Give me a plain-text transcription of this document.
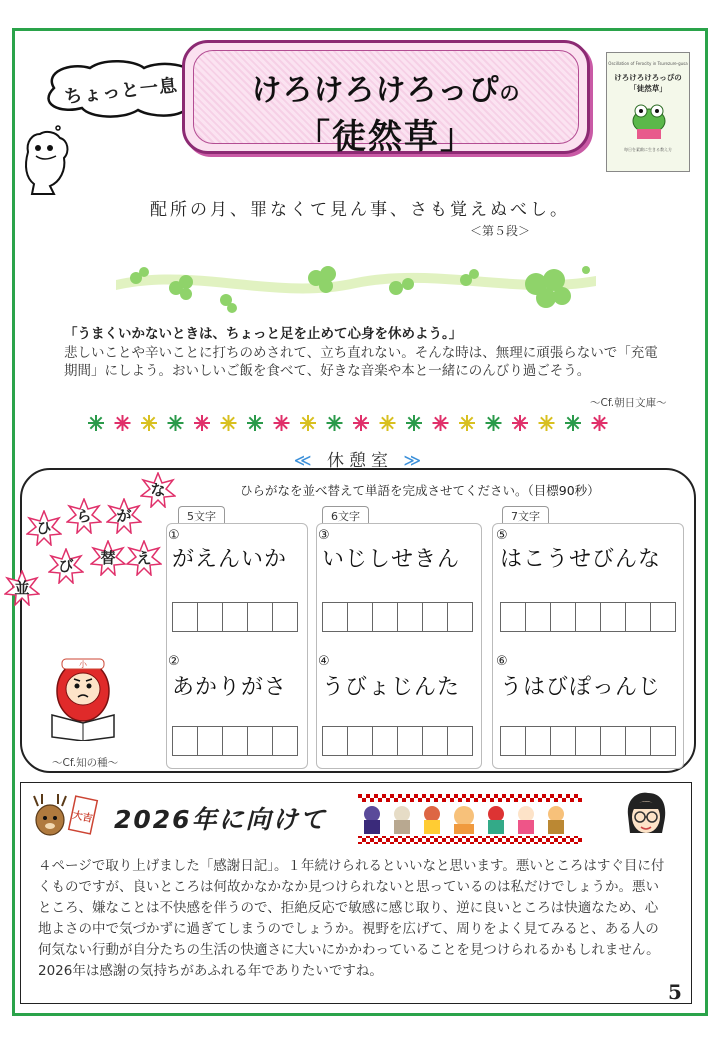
ちょっと一息	けろけろけろっぴの
「徒然草」
Oscillation of Ferocity in Tsurezure-gusa
けろけろけろっぴの
「徒然草」
毎日を素敵に生きる教え方
配所の月、罪なくて見ん事、さも覚えぬべし。
＜第５段＞
「うまくいかないときは、ちょっと足を止めて心身を休めよう。」
悲しいことや辛いことに打ちのめされて、立ち直れない。そんな時は、無理に頑張らないで「充電期間」にしよう。おいしいご飯を食べて、好きな音楽や本と一緒にのんびり過ごそう。
～Cf.朝日文庫～
≪ 休憩室 ≫
ひらがなを並べ替えて単語を完成させてください。（目標90秒）
ひ
ら	が
な
並
び	替	え
5文字	6文字	7文字
①
がえんいか
②
あかりがさ
③
いじしせきん
④
うびょじんた
⑤
はこうせびんな
⑥
うはびぽっんじ
小
～Cf.知の種～
大吉 2026年に向けて
４ページで取り上げました「感謝日記」。１年続けられるといいなと思います。悪いところはすぐ目に付くものですが、良いところは何故かなかなか見つけられないと思っているのは私だけでしょうか。悪いところ、嫌なことは不快感を伴うので、拒絶反応で敏感に感じ取り、逆に良いところは快適なため、心地よさの中で気づかずに過ぎてしまうのでしょうか。視野を広げて、周りをよく見てみると、ある人の何気ない行動が自分たちの生活の快適さに大いにかかわっていることを見つけられるかもしれません。2026年は感謝の気持ちがあふれる年でありたいですね。
5
